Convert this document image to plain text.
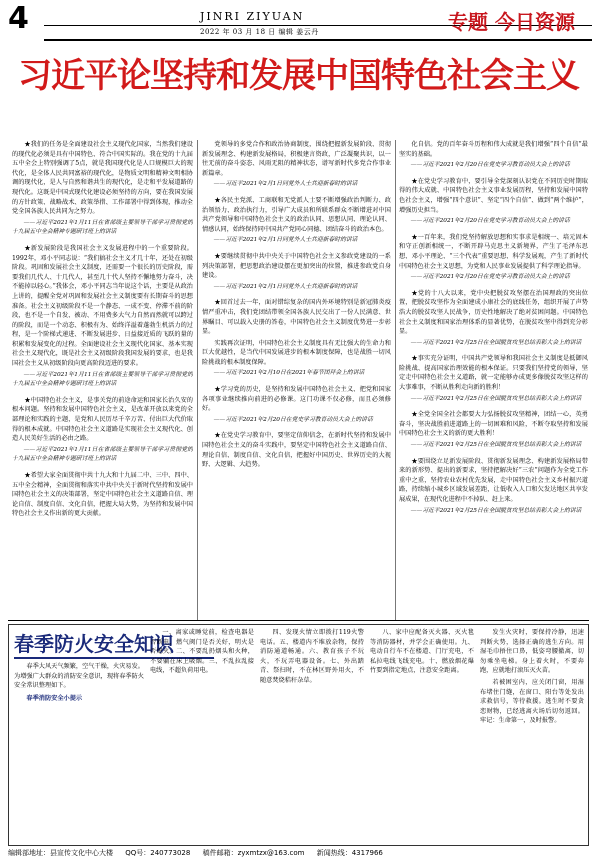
4	JINRI ZIYUAN
2022 年 03 月 18 日 编辑 姜云丹	专题 今日资源
习近平论坚持和发展中国特色社会主义

★我们的任务是全面建设社会主义现代化国家，当然我们建设的现代化必须是具有中国特色、符合中国实际的。我在党的十九届五中全会上特别强调了5点，就是我国现代化是人口规模巨大的现代化，是全体人民共同富裕的现代化，是物质文明和精神文明相协调的现代化，是人与自然和谐共生的现代化，是走和平发展道路的现代化。这既是中国式现代化建设必须坚持的方向，要在我国发展的方针政策、战略战术、政策举措、工作部署中得到体现，推动全党全国各族人民共同为之努力。

——习近平2021年1月11日在省部级主要领导干部学习贯彻党的十九届五中全会精神专题研讨班上的讲话

★新发展阶段是我国社会主义发展进程中的一个重要阶段。1992年，邓小平同志说：“我们搞社会主义才几十年，还处在初级阶段。巩固和发展社会主义制度，还需要一个很长的历史阶段，需要我们几代人、十几代人，甚至几十代人坚持不懈地努力奋斗，决不能掉以轻心。”我体会，邓小平同志当年说这个话，主要是从政治上讲的，提醒全党对巩固和发展社会主义制度要有长期奋斗的思想准备。社会主义初级阶段不是一个静态、一成不变、停滞不前的阶段，也不是一个自发、被动、不用费多大气力自然而然就可以跨过的阶段，而是一个动态、积极有为、始终洋溢着蓬勃生机活力的过程，是一个阶梯式递进、不断发展进步、日益接近质的飞跃的量的积累和发展变化的过程。全面建设社会主义现代化国家、基本实现社会主义现代化，既是社会主义初级阶段我国发展的要求，也是我国社会主义从初级阶段向更高阶段迈进的要求。

——习近平2021年1月11日在省部级主要领导干部学习贯彻党的十九届五中全会精神专题研讨班上的讲话

★中国特色社会主义，是事关党的前途命运和国家长治久安的根本问题。坚持和发展中国特色社会主义，是改革开放以来党的全部理论和实践的主题，是党和人民历尽千辛万苦、付出巨大代价取得的根本成就。中国特色社会主义道路是实现社会主义现代化、创造人民美好生活的必由之路。

——习近平2021年1月11日在省部级主要领导干部学习贯彻党的十九届五中全会精神专题研讨班上的讲话

★希望大家全面贯彻中共十九大和十九届二中、三中、四中、五中全会精神，全面贯彻和落实中共中央关于新时代坚持和发展中国特色社会主义的决策部署，坚定中国特色社会主义道路自信、理论自信、制度自信、文化自信，把握大局大势，为坚持和发展中国特色社会主义作出新的更大贡献。

党领导的多党合作和政治协商制度，围绕把握新发展阶段、贯彻新发展理念、构建新发展格局，积极建言资政，广泛凝聚共识，以一往无前的奋斗姿态、风雨无阻的精神状态，谱写新时代多党合作事业新篇章。

——习近平2021年2月1日同党外人士共迎新春时的讲话

★各民主党派、工商联和无党派人士要不断增强政治判断力、政治领悟力、政治执行力，引导广大成员和所联系群众不断增进对中国共产党领导和中国特色社会主义的政治认同、思想认同、理论认同、情感认同，始终保持同中国共产党同心同德、团结奋斗的政治本色。

——习近平2021年2月1日同党外人士共迎新春时的讲话

★要继续贯彻中共中央关于中国特色社会主义参政党建设的一系列决策部署，把思想政治建设摆在更加突出的位置，推进参政党自身建设。

——习近平2021年2月1日同党外人士共迎新春时的讲话

★回首过去一年，面对错综复杂的国内外环境特别是新冠肺炎疫情严重冲击，我们党团结带领全国各族人民交出了一份人民满意、世界瞩目、可以载入史册的答卷，中国特色社会主义制度优势进一步彰显。

实践再次证明，中国特色社会主义制度具有无比强大的生命力和巨大优越性，是当代中国发展进步的根本制度保障，也是战胜一切风险挑战的根本制度保障。

——习近平2021年2月10日在2021年春节团拜会上的讲话

★学习党的历史，是坚持和发展中国特色社会主义、把党和国家各项事业继续推向前进的必修课。这门功课不仅必修，而且必须修好。

——习近平2021年2月20日在党史学习教育动员大会上的讲话

★在党史学习教育中，要坚定信仰信念，在新时代坚持和发展中国特色社会主义的奋斗实践中，要坚定中国特色社会主义道路自信、理论自信、制度自信、文化自信，把握好中国历史、世界历史的大视野、大逻辑、大趋势。

化自信。党的百年奋斗历程和伟大成就是我们增强“四个自信”最坚实的基础。

——习近平2021年2月20日在党史学习教育动员大会上的讲话

★在党史学习教育中，要引导全党深刻认识党在不同历史时期取得的伟大成就、中国特色社会主义事业发展历程，坚持和发展中国特色社会主义，增强“四个意识”、坚定“四个自信”、做到“两个维护”，增强历史担当。

——习近平2021年2月20日在党史学习教育动员大会上的讲话

★一百年来，我们党坚持解放思想和实事求是相统一、培元固本和守正创新相统一，不断开辟马克思主义新境界，产生了毛泽东思想、邓小平理论、“三个代表”重要思想、科学发展观，产生了新时代中国特色社会主义思想，为党和人民事业发展提供了科学理论指导。

——习近平2021年2月20日在党史学习教育动员大会上的讲话

★党的十八大以来，党中央把脱贫攻坚摆在治国理政的突出位置，把脱贫攻坚作为全面建成小康社会的底线任务，组织开展了声势浩大的脱贫攻坚人民战争，历史性地解决了绝对贫困问题。中国特色社会主义制度和国家治理体系的显著优势，在脱贫攻坚中得到充分彰显。

——习近平2021年2月25日在全国脱贫攻坚总结表彰大会上的讲话

★事实充分证明，中国共产党领导和我国社会主义制度是抵御风险挑战、提高国家治理效能的根本保证。只要我们坚持党的领导，坚定走中国特色社会主义道路，就一定能够办成更多像脱贫攻坚这样的大事难事，不断从胜利走向新的胜利！

——习近平2021年2月25日在全国脱贫攻坚总结表彰大会上的讲话

★全党全国全社会都要大力弘扬脱贫攻坚精神，团结一心，英勇奋斗，坚决战胜前进道路上的一切困难和风险，不断夺取坚持和发展中国特色社会主义的新的更大胜利！

——习近平2021年2月25日在全国脱贫攻坚总结表彰大会上的讲话

★要围绕立足新发展阶段、贯彻新发展理念、构建新发展格局带来的新形势、提出的新要求，坚持把解决好“三农”问题作为全党工作重中之重，坚持农业农村优先发展，走中国特色社会主义乡村振兴道路，持续缩小城乡区域发展差距，让低收入人口和欠发达地区共享发展成果，在现代化进程中不掉队、赶上来。

——习近平2021年2月25日在全国脱贫攻坚总结表彰大会上的讲话

春季防火安全知识

春季大风天气频繁，空气干燥，火灾易发。为增强广大群众的消防安全意识，现将春季防火安全常识整理如下。

春季消防安全小提示

一、离家或睡觉前，检查电器是否断电，燃气阀门是否关好，明火是否熄灭。二、不要乱扔烟头和火种，不要躺在床上吸烟。三、不乱拉乱接电线，不超负荷用电。

四、发现火情立即拨打119火警电话。五、楼道内不堆放杂物，保持消防通道畅通。六、教育孩子不玩火，不玩弄电器设备。七、外出踏青、祭扫时，不在林区野外用火，不随意焚烧秸秆杂草。

八、家中应配备灭火器、灭火毯等消防器材，并学会正确使用。九、电动自行车不在楼道、门厅充电，不私拉电线飞线充电。十、燃放烟花爆竹要到指定地点，注意安全距离。

发生火灾时，要保持冷静，迅速判断火势，选择正确的逃生方向。用湿毛巾捂住口鼻，低姿弯腰撤离，切勿乘坐电梯。身上着火时，不要奔跑，应就地打滚压灭火苗。

若被困室内，应关闭门窗，用湿布堵住门缝，在窗口、阳台等处发出求救信号，等待救援。逃生时不要贪恋财物，已经逃离火场后切勿返回。牢记：生命第一，及时报警。

编辑部地址：县宣传文化中心大楼 QQ号：240773028 稿件邮箱：zyxmtzx@163.com 新闻热线：4317966
